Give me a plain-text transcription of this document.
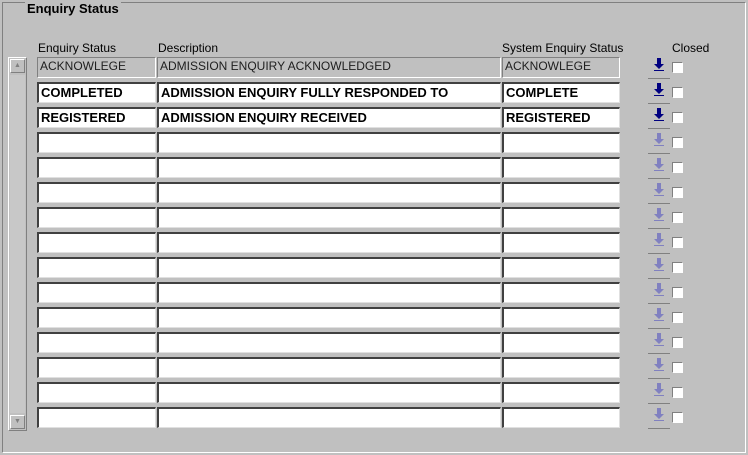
Enquiry Status
Enquiry Status	Description	System Enquiry Status	Closed
▲
▼
ACKNOWLEGE	ADMISSION ENQUIRY ACKNOWLEDGED	ACKNOWLEGE
COMPLETED	ADMISSION ENQUIRY FULLY RESPONDED TO	COMPLETE
REGISTERED	ADMISSION ENQUIRY RECEIVED	REGISTERED
